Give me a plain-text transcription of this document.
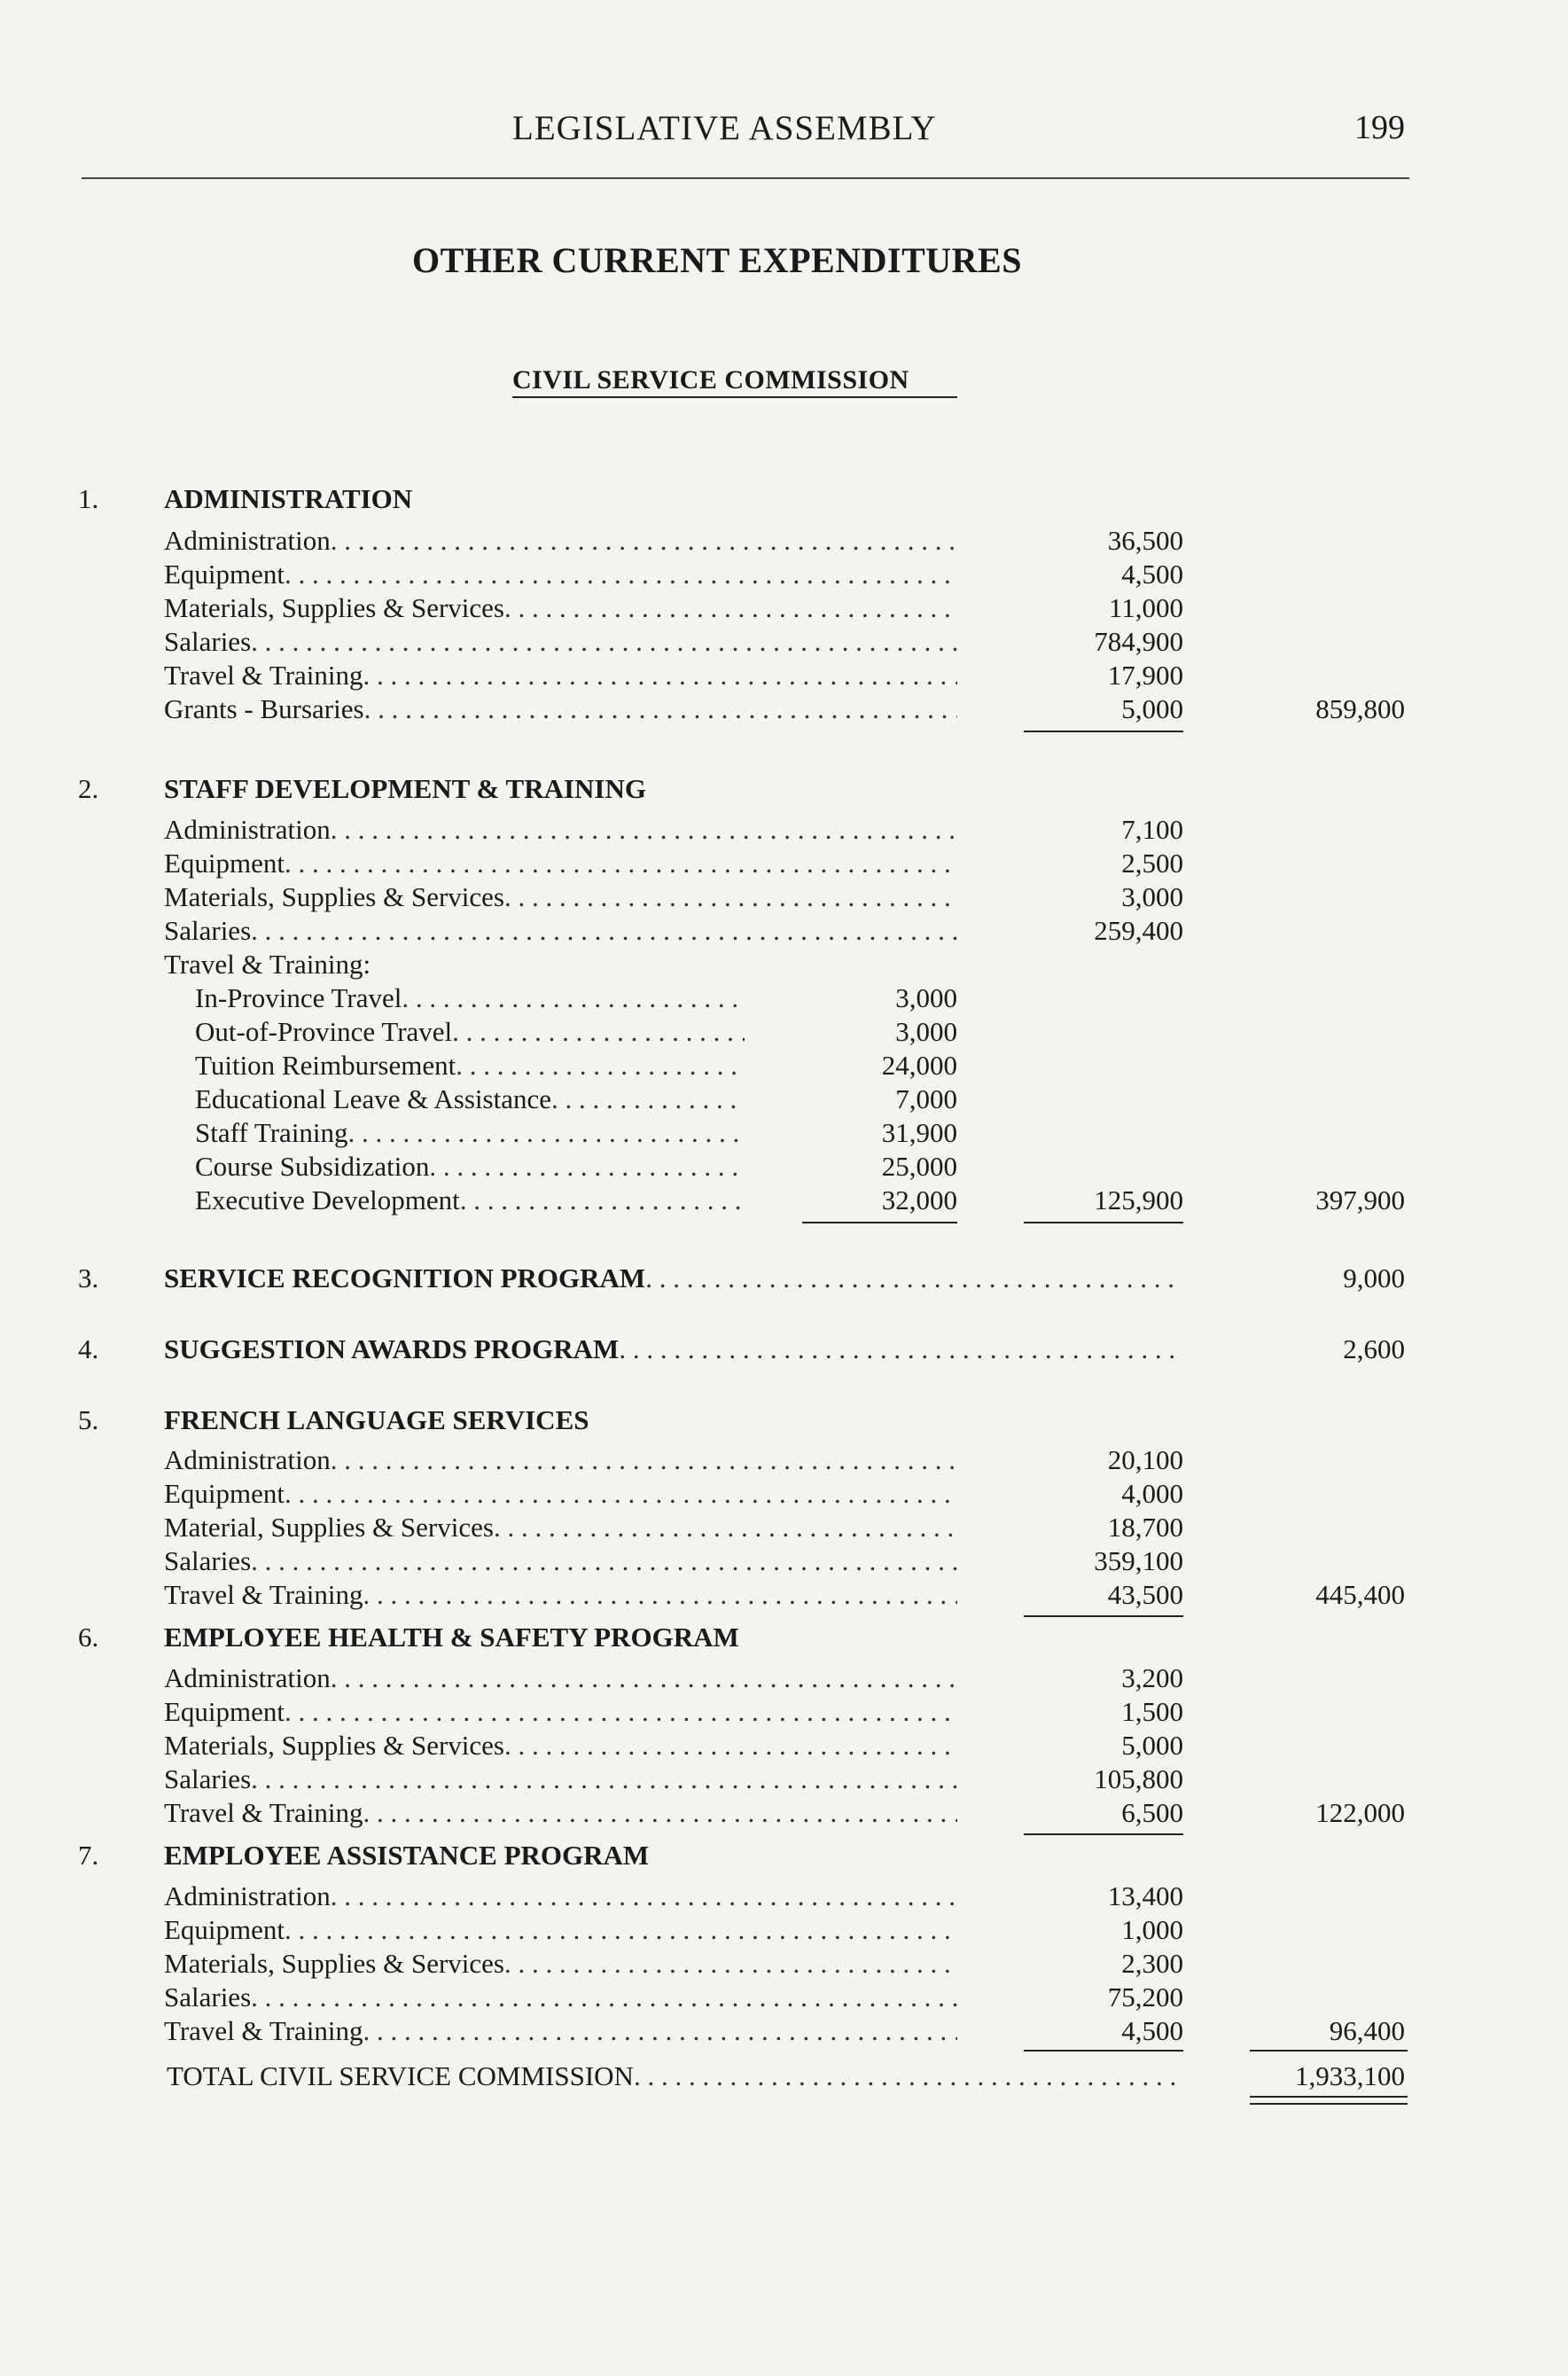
LEGISLATIVE ASSEMBLY	199
OTHER CURRENT EXPENDITURES
CIVIL SERVICE COMMISSION
1. ADMINISTRATION
Administration . . .	36,500
Equipment . . .	4,500
Materials, Supplies & Services . . .	11,000
Salaries . . .	784,900
Travel & Training . . .	17,900
Grants - Bursaries . . .	5,000	859,800
2. STAFF DEVELOPMENT & TRAINING
Administration . . .	7,100
Equipment . . .	2,500
Materials, Supplies & Services . . .	3,000
Salaries . . .	259,400
Travel & Training:
In-Province Travel . . .	3,000
Out-of-Province Travel . . .	3,000
Tuition Reimbursement . . .	24,000
Educational Leave & Assistance . . .	7,000
Staff Training . . .	31,900
Course Subsidization . . .	25,000
Executive Development . . .	32,000	125,900	397,900
3. SERVICE RECOGNITION PROGRAM . . .	9,000
4. SUGGESTION AWARDS PROGRAM . . .	2,600
5. FRENCH LANGUAGE SERVICES
Administration . . .	20,100
Equipment . . .	4,000
Material, Supplies & Services . . .	18,700
Salaries . . .	359,100
Travel & Training . . .	43,500	445,400
6. EMPLOYEE HEALTH & SAFETY PROGRAM
Administration . . .	3,200
Equipment . . .	1,500
Materials, Supplies & Services . . .	5,000
Salaries . . .	105,800
Travel & Training . . .	6,500	122,000
7. EMPLOYEE ASSISTANCE PROGRAM
Administration . . .	13,400
Equipment . . .	1,000
Materials, Supplies & Services . . .	2,300
Salaries . . .	75,200
Travel & Training . . .	4,500	96,400
TOTAL CIVIL SERVICE COMMISSION . . .	1,933,100
